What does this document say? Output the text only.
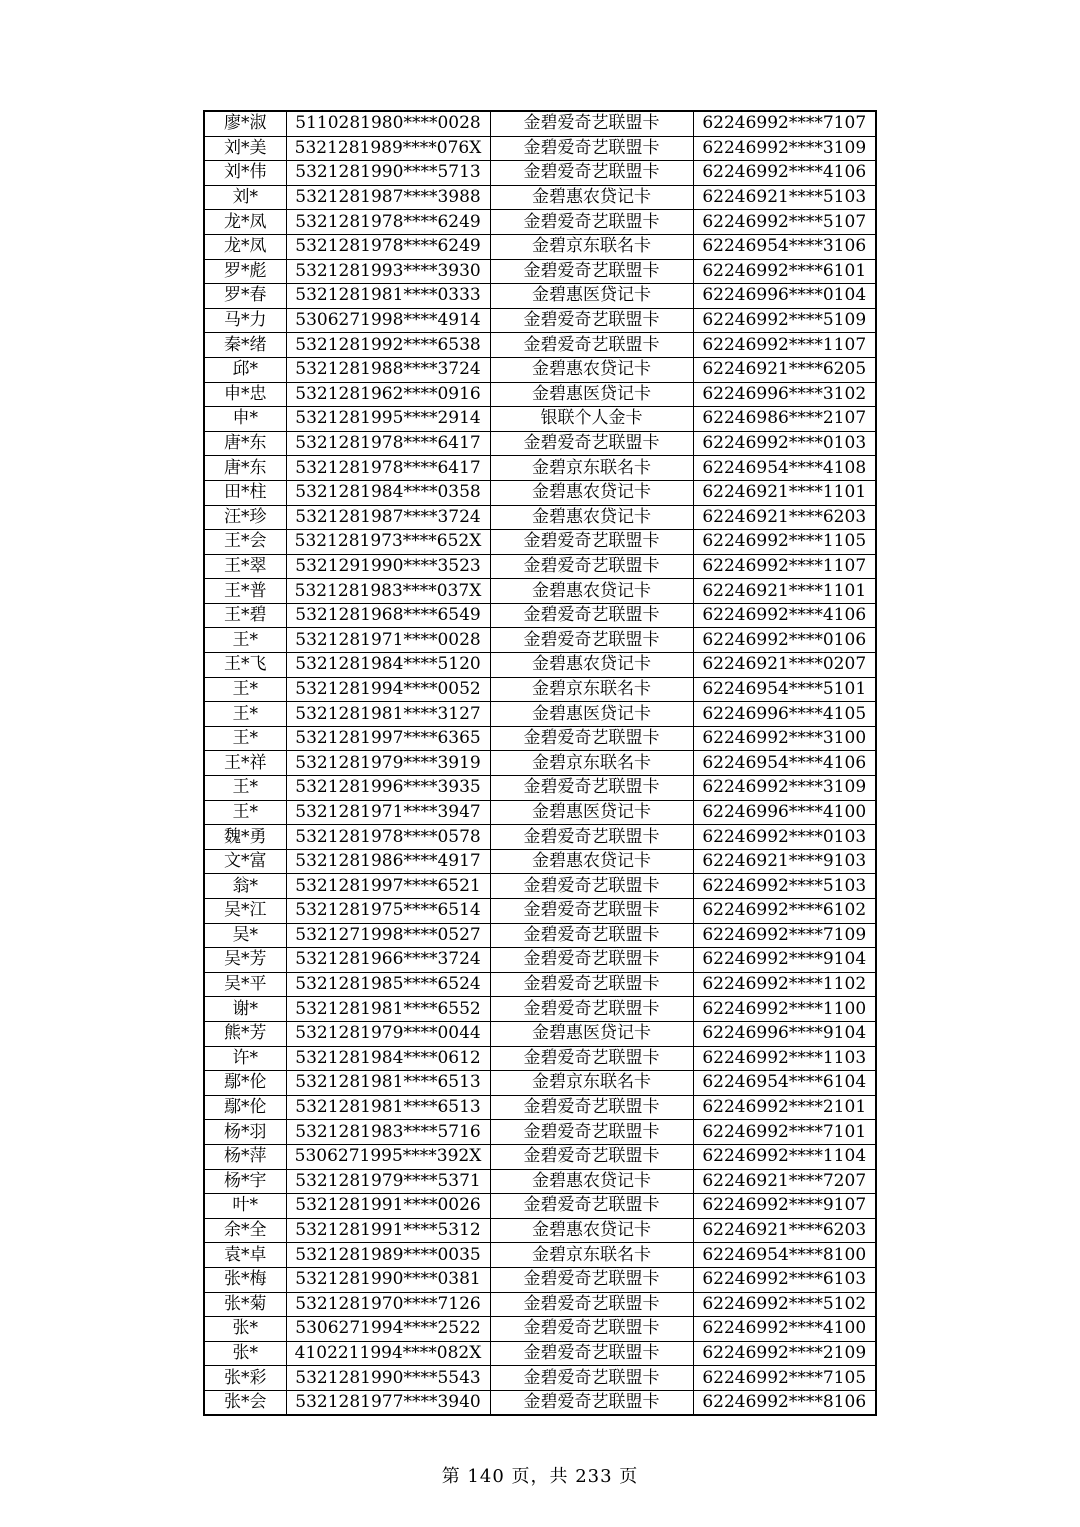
廖*淑	5110281980****0028	金碧爱奇艺联盟卡	62246992****7107
刘*美	5321281989****076X	金碧爱奇艺联盟卡	62246992****3109
刘*伟	5321281990****5713	金碧爱奇艺联盟卡	62246992****4106
刘*	5321281987****3988	金碧惠农贷记卡	62246921****5103
龙*凤	5321281978****6249	金碧爱奇艺联盟卡	62246992****5107
龙*凤	5321281978****6249	金碧京东联名卡	62246954****3106
罗*彪	5321281993****3930	金碧爱奇艺联盟卡	62246992****6101
罗*春	5321281981****0333	金碧惠医贷记卡	62246996****0104
马*力	5306271998****4914	金碧爱奇艺联盟卡	62246992****5109
秦*绪	5321281992****6538	金碧爱奇艺联盟卡	62246992****1107
邱*	5321281988****3724	金碧惠农贷记卡	62246921****6205
申*忠	5321281962****0916	金碧惠医贷记卡	62246996****3102
申*	5321281995****2914	银联个人金卡	62246986****2107
唐*东	5321281978****6417	金碧爱奇艺联盟卡	62246992****0103
唐*东	5321281978****6417	金碧京东联名卡	62246954****4108
田*柱	5321281984****0358	金碧惠农贷记卡	62246921****1101
汪*珍	5321281987****3724	金碧惠农贷记卡	62246921****6203
王*会	5321281973****652X	金碧爱奇艺联盟卡	62246992****1105
王*翠	5321291990****3523	金碧爱奇艺联盟卡	62246992****1107
王*普	5321281983****037X	金碧惠农贷记卡	62246921****1101
王*碧	5321281968****6549	金碧爱奇艺联盟卡	62246992****4106
王*	5321281971****0028	金碧爱奇艺联盟卡	62246992****0106
王*飞	5321281984****5120	金碧惠农贷记卡	62246921****0207
王*	5321281994****0052	金碧京东联名卡	62246954****5101
王*	5321281981****3127	金碧惠医贷记卡	62246996****4105
王*	5321281997****6365	金碧爱奇艺联盟卡	62246992****3100
王*祥	5321281979****3919	金碧京东联名卡	62246954****4106
王*	5321281996****3935	金碧爱奇艺联盟卡	62246992****3109
王*	5321281971****3947	金碧惠医贷记卡	62246996****4100
魏*勇	5321281978****0578	金碧爱奇艺联盟卡	62246992****0103
文*富	5321281986****4917	金碧惠农贷记卡	62246921****9103
翁*	5321281997****6521	金碧爱奇艺联盟卡	62246992****5103
吴*江	5321281975****6514	金碧爱奇艺联盟卡	62246992****6102
吴*	5321271998****0527	金碧爱奇艺联盟卡	62246992****7109
吴*芳	5321281966****3724	金碧爱奇艺联盟卡	62246992****9104
吴*平	5321281985****6524	金碧爱奇艺联盟卡	62246992****1102
谢*	5321281981****6552	金碧爱奇艺联盟卡	62246992****1100
熊*芳	5321281979****0044	金碧惠医贷记卡	62246996****9104
许*	5321281984****0612	金碧爱奇艺联盟卡	62246992****1103
鄢*伦	5321281981****6513	金碧京东联名卡	62246954****6104
鄢*伦	5321281981****6513	金碧爱奇艺联盟卡	62246992****2101
杨*羽	5321281983****5716	金碧爱奇艺联盟卡	62246992****7101
杨*萍	5306271995****392X	金碧爱奇艺联盟卡	62246992****1104
杨*宇	5321281979****5371	金碧惠农贷记卡	62246921****7207
叶*	5321281991****0026	金碧爱奇艺联盟卡	62246992****9107
余*全	5321281991****5312	金碧惠农贷记卡	62246921****6203
袁*卓	5321281989****0035	金碧京东联名卡	62246954****8100
张*梅	5321281990****0381	金碧爱奇艺联盟卡	62246992****6103
张*菊	5321281970****7126	金碧爱奇艺联盟卡	62246992****5102
张*	5306271994****2522	金碧爱奇艺联盟卡	62246992****4100
张*	4102211994****082X	金碧爱奇艺联盟卡	62246992****2109
张*彩	5321281990****5543	金碧爱奇艺联盟卡	62246992****7105
张*会	5321281977****3940	金碧爱奇艺联盟卡	62246992****8106
第 140 页，共 233 页
